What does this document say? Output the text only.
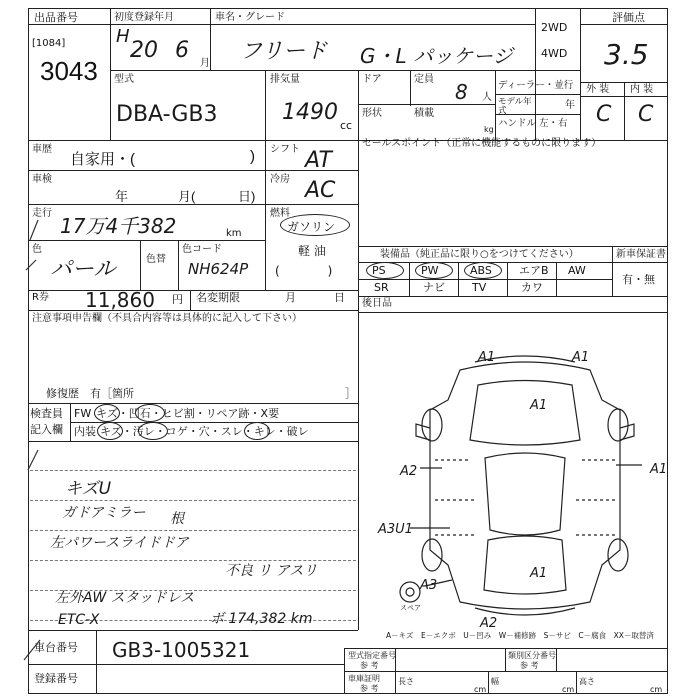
出品番号
[1084]
3043
初度登録年月
H
20 6
月
車名・グレード
フリード G・L パッケージ
2WD
4WD
評価点
3.5
型式
DBA-GB3
排気量
1490
cc
ドア	定員
8 人
形状	積載
kg
ディーラー・並行
モデル年式	年
ハンドル 左・右
外 装 内 装
C C
車歴
自家用・(	) シフト AT
車検
年	月(	日)
冷房 AC
走行
17万4千382	km
燃料
ガソリン
軽 油
(　　　　)
色
パール	色替
色コード
NH624P
R券 11,860 円 名変期限	月	日
セールスポイント（正常に機能するものに限ります）
装備品（純正品に限り○をつけてください）	新車保証書
有・無
PS	PW	ABS エアB AW
SR	ナビ TV	カワ
後日品
注意事項申告欄（不具合内容等は具体的に記入して下さい）
修復歴　有［箇所	］
検査員
記入欄
FW キズ・凹石・ヒビ割・リペア跡・X要
内装 キズ・汚レ・コゲ・穴・スレ・キレ・破レ
キズU
ガドアミラー 根
左パワースライドドア
不良 リ アスリ
左外AW スタッドレス
ETC-X	ボ 174,382 km
A1	A1
A1
A2	A1
A3U1
A1
A3
A2
スペア
A－キズ　E－エクボ　U－凹み　W－補修跡　S－サビ　C－腐食　XX－取替済
車台番号 GB3-1005321
登録番号
型式指定番号
参 考
類別区分番号
参 考
車庫証明
参 考
長さ
cm
幅
cm
高さ
cm
